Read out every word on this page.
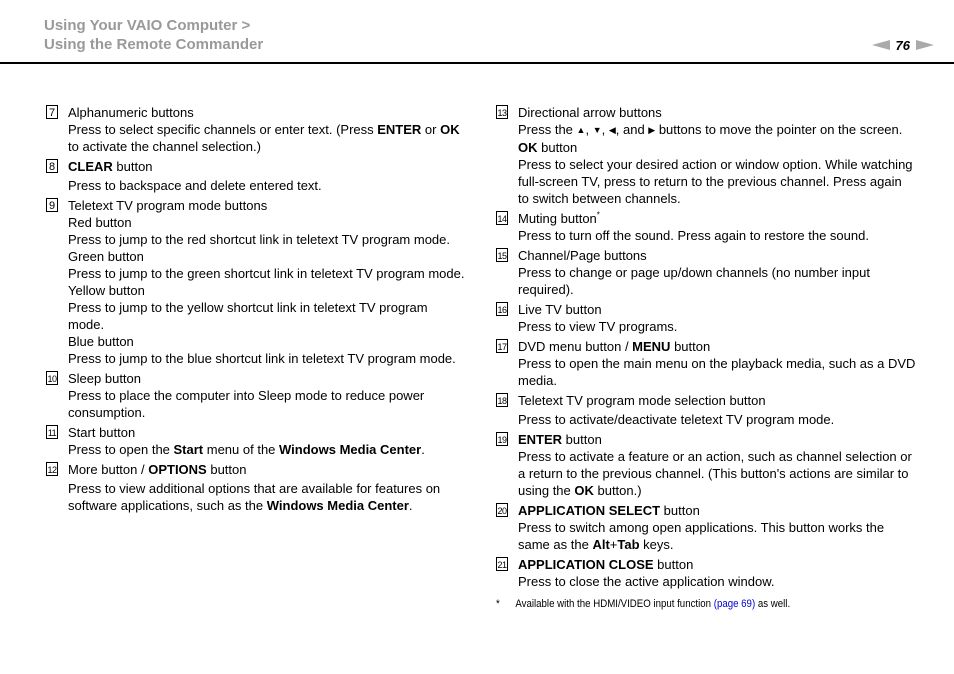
Using Your VAIO Computer >
Using the Remote Commander	76
7 Alphanumeric buttons
Press to select specific channels or enter text. (Press ENTER or OK to activate the channel selection.)
8 CLEAR button
Press to backspace and delete entered text.
9 Teletext TV program mode buttons
Red button
Press to jump to the red shortcut link in teletext TV program mode.
Green button
Press to jump to the green shortcut link in teletext TV program mode.
Yellow button
Press to jump to the yellow shortcut link in teletext TV program mode.
Blue button
Press to jump to the blue shortcut link in teletext TV program mode.
10 Sleep button
Press to place the computer into Sleep mode to reduce power consumption.
11 Start button
Press to open the Start menu of the Windows Media Center.
12 More button / OPTIONS button
Press to view additional options that are available for features on software applications, such as the Windows Media Center.
13 Directional arrow buttons
Press the ▲, ▼, ◀, and ▶ buttons to move the pointer on the screen.
OK button
Press to select your desired action or window option. While watching full-screen TV, press to return to the previous channel. Press again to switch between channels.
14 Muting button*
Press to turn off the sound. Press again to restore the sound.
15 Channel/Page buttons
Press to change or page up/down channels (no number input required).
16 Live TV button
Press to view TV programs.
17 DVD menu button / MENU button
Press to open the main menu on the playback media, such as a DVD media.
18 Teletext TV program mode selection button
Press to activate/deactivate teletext TV program mode.
19 ENTER button
Press to activate a feature or an action, such as channel selection or a return to the previous channel. (This button's actions are similar to using the OK button.)
20 APPLICATION SELECT button
Press to switch among open applications. This button works the same as the Alt+Tab keys.
21 APPLICATION CLOSE button
Press to close the active application window.
* Available with the HDMI/VIDEO input function (page 69) as well.
